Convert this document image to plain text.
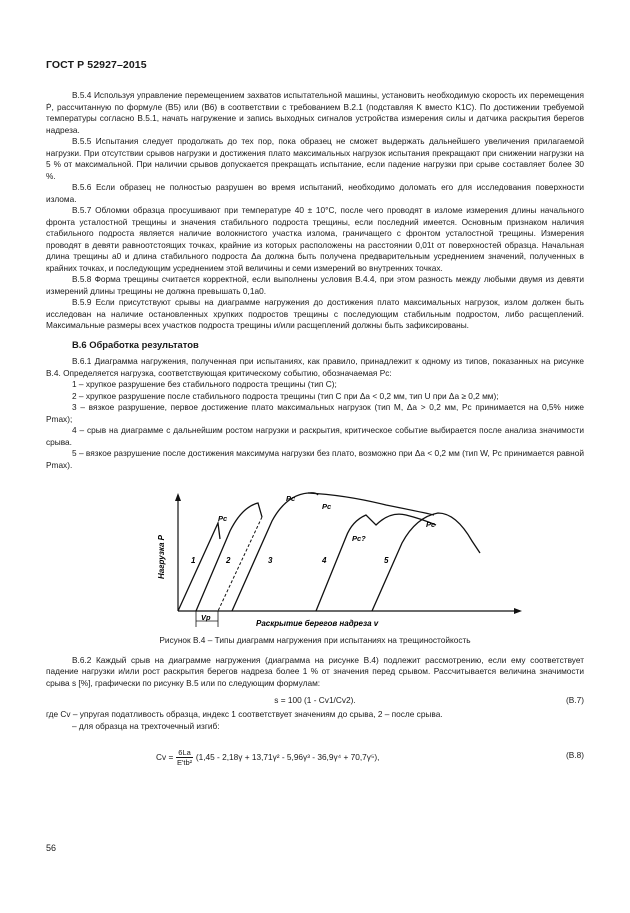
ГОСТ Р 52927–2015

В.5.4 Используя управление перемещением захватов испытательной машины, установить необходимую скорость их перемещения Ṗ, рассчитанную по формуле (В5) или (В6) в соответствии с требованием В.2.1 (подставляя K вместо K1C). По достижении требуемой температуры согласно В.5.1, начать нагружение и запись выходных сигналов устройства измерения силы и датчика раскрытия берегов надреза.

В.5.5 Испытания следует продолжать до тех пор, пока образец не сможет выдержать дальнейшего увеличения прилагаемой нагрузки. При отсутствии срывов нагрузки и достижения плато максимальных нагрузок испытания прекращают при снижении нагрузки на 5 % от максимальной. При наличии срывов допускается прекращать испытание, если падение нагрузки при срыве составляет более 30 %.

В.5.6 Если образец не полностью разрушен во время испытаний, необходимо доломать его для исследования поверхности излома.

В.5.7 Обломки образца просушивают при температуре 40 ± 10°С, после чего проводят в изломе измерения длины начального фронта усталостной трещины и значения стабильного подроста трещины, если последний имеется. Основным признаком наличия стабильного подроста является наличие волокнистого участка излома, граничащего с фронтом усталостной трещины. Измерения проводят в девяти равноотстоящих точках, крайние из которых расположены на расстоянии 0,01t от поверхностей образца. Начальная длина трещины a0 и длина стабильного подроста Δa должна быть получена предварительным усреднением значений, полученных в крайних точках, и последующим усреднением этой величины и семи измерений во внутренних точках.

В.5.8 Форма трещины считается корректной, если выполнены условия В.4.4, при этом разность между любыми двумя из девяти измерений длины трещины не должна превышать 0,1a0.

В.5.9 Если присутствуют срывы на диаграмме нагружения до достижения плато максимальных нагрузок, излом должен быть исследован на наличие остановленных хрупких подростов трещины с последующим стабильным подростом, либо расщеплений. Максимальные размеры всех участков подроста трещины и/или расщеплений должны быть зафиксированы.

В.6 Обработка результатов

В.6.1 Диаграмма нагружения, полученная при испытаниях, как правило, принадлежит к одному из типов, показанных на рисунке В.4. Определяется нагрузка, соответствующая критическому событию, обозначаемая Pc:

1 – хрупкое разрушение без стабильного подроста трещины (тип С);

2 – хрупкое разрушение после стабильного подроста трещины (тип С при Δa < 0,2 мм, тип U при Δa ≥ 0,2 мм);

3 – вязкое разрушение, первое достижение плато максимальных нагрузок (тип М, Δa > 0,2 мм, Pc принимается на 0,5% ниже Pmax);

4 – срыв на диаграмме с дальнейшим ростом нагрузки и раскрытия, критическое событие выбирается после анализа значимости срыва.

5 – вязкое разрушение после достижения максимума нагрузки без плато, возможно при Δa < 0,2 мм (тип W, Pc принимается равной Pmax).

Нагрузка Р
Раскрытие берегов надреза v
Vp
1	2	3	4	5
Pc
Pc
Pc
Pc?
Pc
Рисунок В.4 – Типы диаграмм нагружения при испытаниях на трещиностойкость

В.6.2 Каждый срыв на диаграмме нагружения (диаграмма на рисунке В.4) подлежит рассмотрению, если ему соответствует падение нагрузки и/или рост раскрытия берегов надреза более 1 % от значения перед срывом. Рассчитывается величина значимости срыва s [%], графически по рисунку В.5 или по следующим формулам:

s = 100 (1 - Cv1/Cv2).	(В.7)

где Cv – упругая податливость образца, индекс 1 соответствует значениям до срыва, 2 – после срыва.

– для образца на трехточечный изгиб:

$Cv = \frac{6La}{\text{E'tb²}} (1,45 - 2,18\gamma + 13,71\gamma^2 - 5,96\gamma^3 - 36,9\gamma^4 + 70,7\gamma^5)$,	(В.8)
56
